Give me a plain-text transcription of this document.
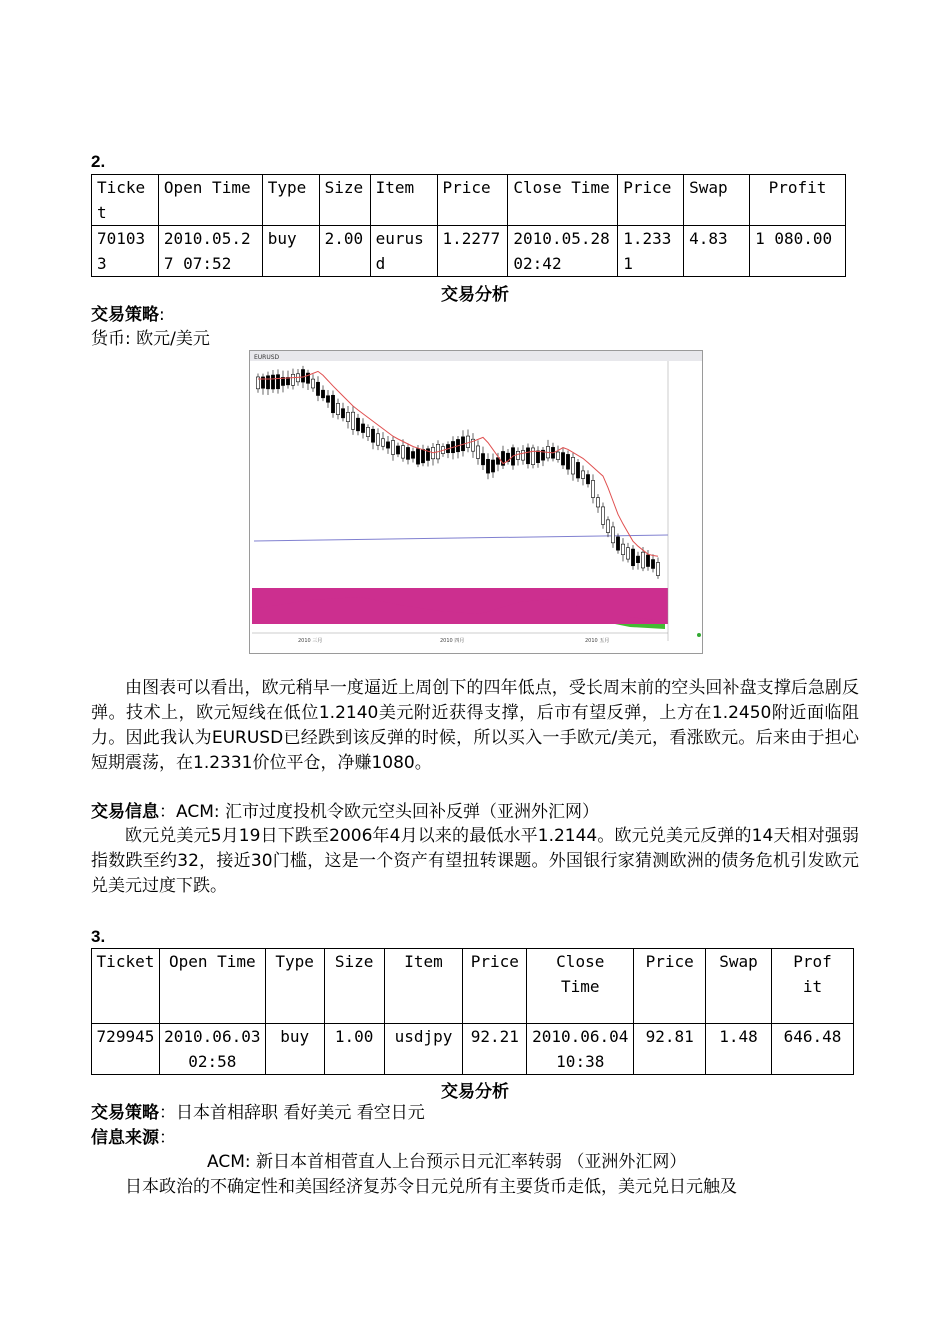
2.
Ticket	Open Time	Type	Size	Item	Price	Close Time	Price	Swap	Profit
701033	2010.05.27 07:52	buy	2.00	eurusd	1.2277	2010.05.28 02:42	1.2331	4.83	1 080.00
交易分析
交易策略:
货币: 欧元/美元
EURUSD
2010 三月	2010 四月	2010 五月
由图表可以看出，欧元稍早一度逼近上周创下的四年低点，受长周末前的空头回补盘支撑后急剧反弹。技术上，欧元短线在低位1.2140美元附近获得支撑，后市有望反弹，上方在1.2450附近面临阻力。因此我认为EURUSD已经跌到该反弹的时候，所以买入一手欧元/美元，看涨欧元。后来由于担心短期震荡，在1.2331价位平仓，净赚1080。
交易信息：ACM: 汇市过度投机令欧元空头回补反弹（亚洲外汇网）
欧元兑美元5月19日下跌至2006年4月以来的最低水平1.2144。欧元兑美元反弹的14天相对强弱指数跌至约32，接近30门槛，这是一个资产有望扭转课题。外国银行家猜测欧洲的债务危机引发欧元兑美元过度下跌。
3.
Ticket	Open Time	Type	Size	Item	Price	Close Time	Price	Swap	Profit
729945	2010.06.03 02:58	buy	1.00	usdjpy	92.21	2010.06.04 10:38	92.81	1.48	646.48
交易分析
交易策略：日本首相辞职 看好美元 看空日元
信息来源：
ACM: 新日本首相菅直人上台预示日元汇率转弱 （亚洲外汇网）
日本政治的不确定性和美国经济复苏令日元兑所有主要货币走低，美元兑日元触及
